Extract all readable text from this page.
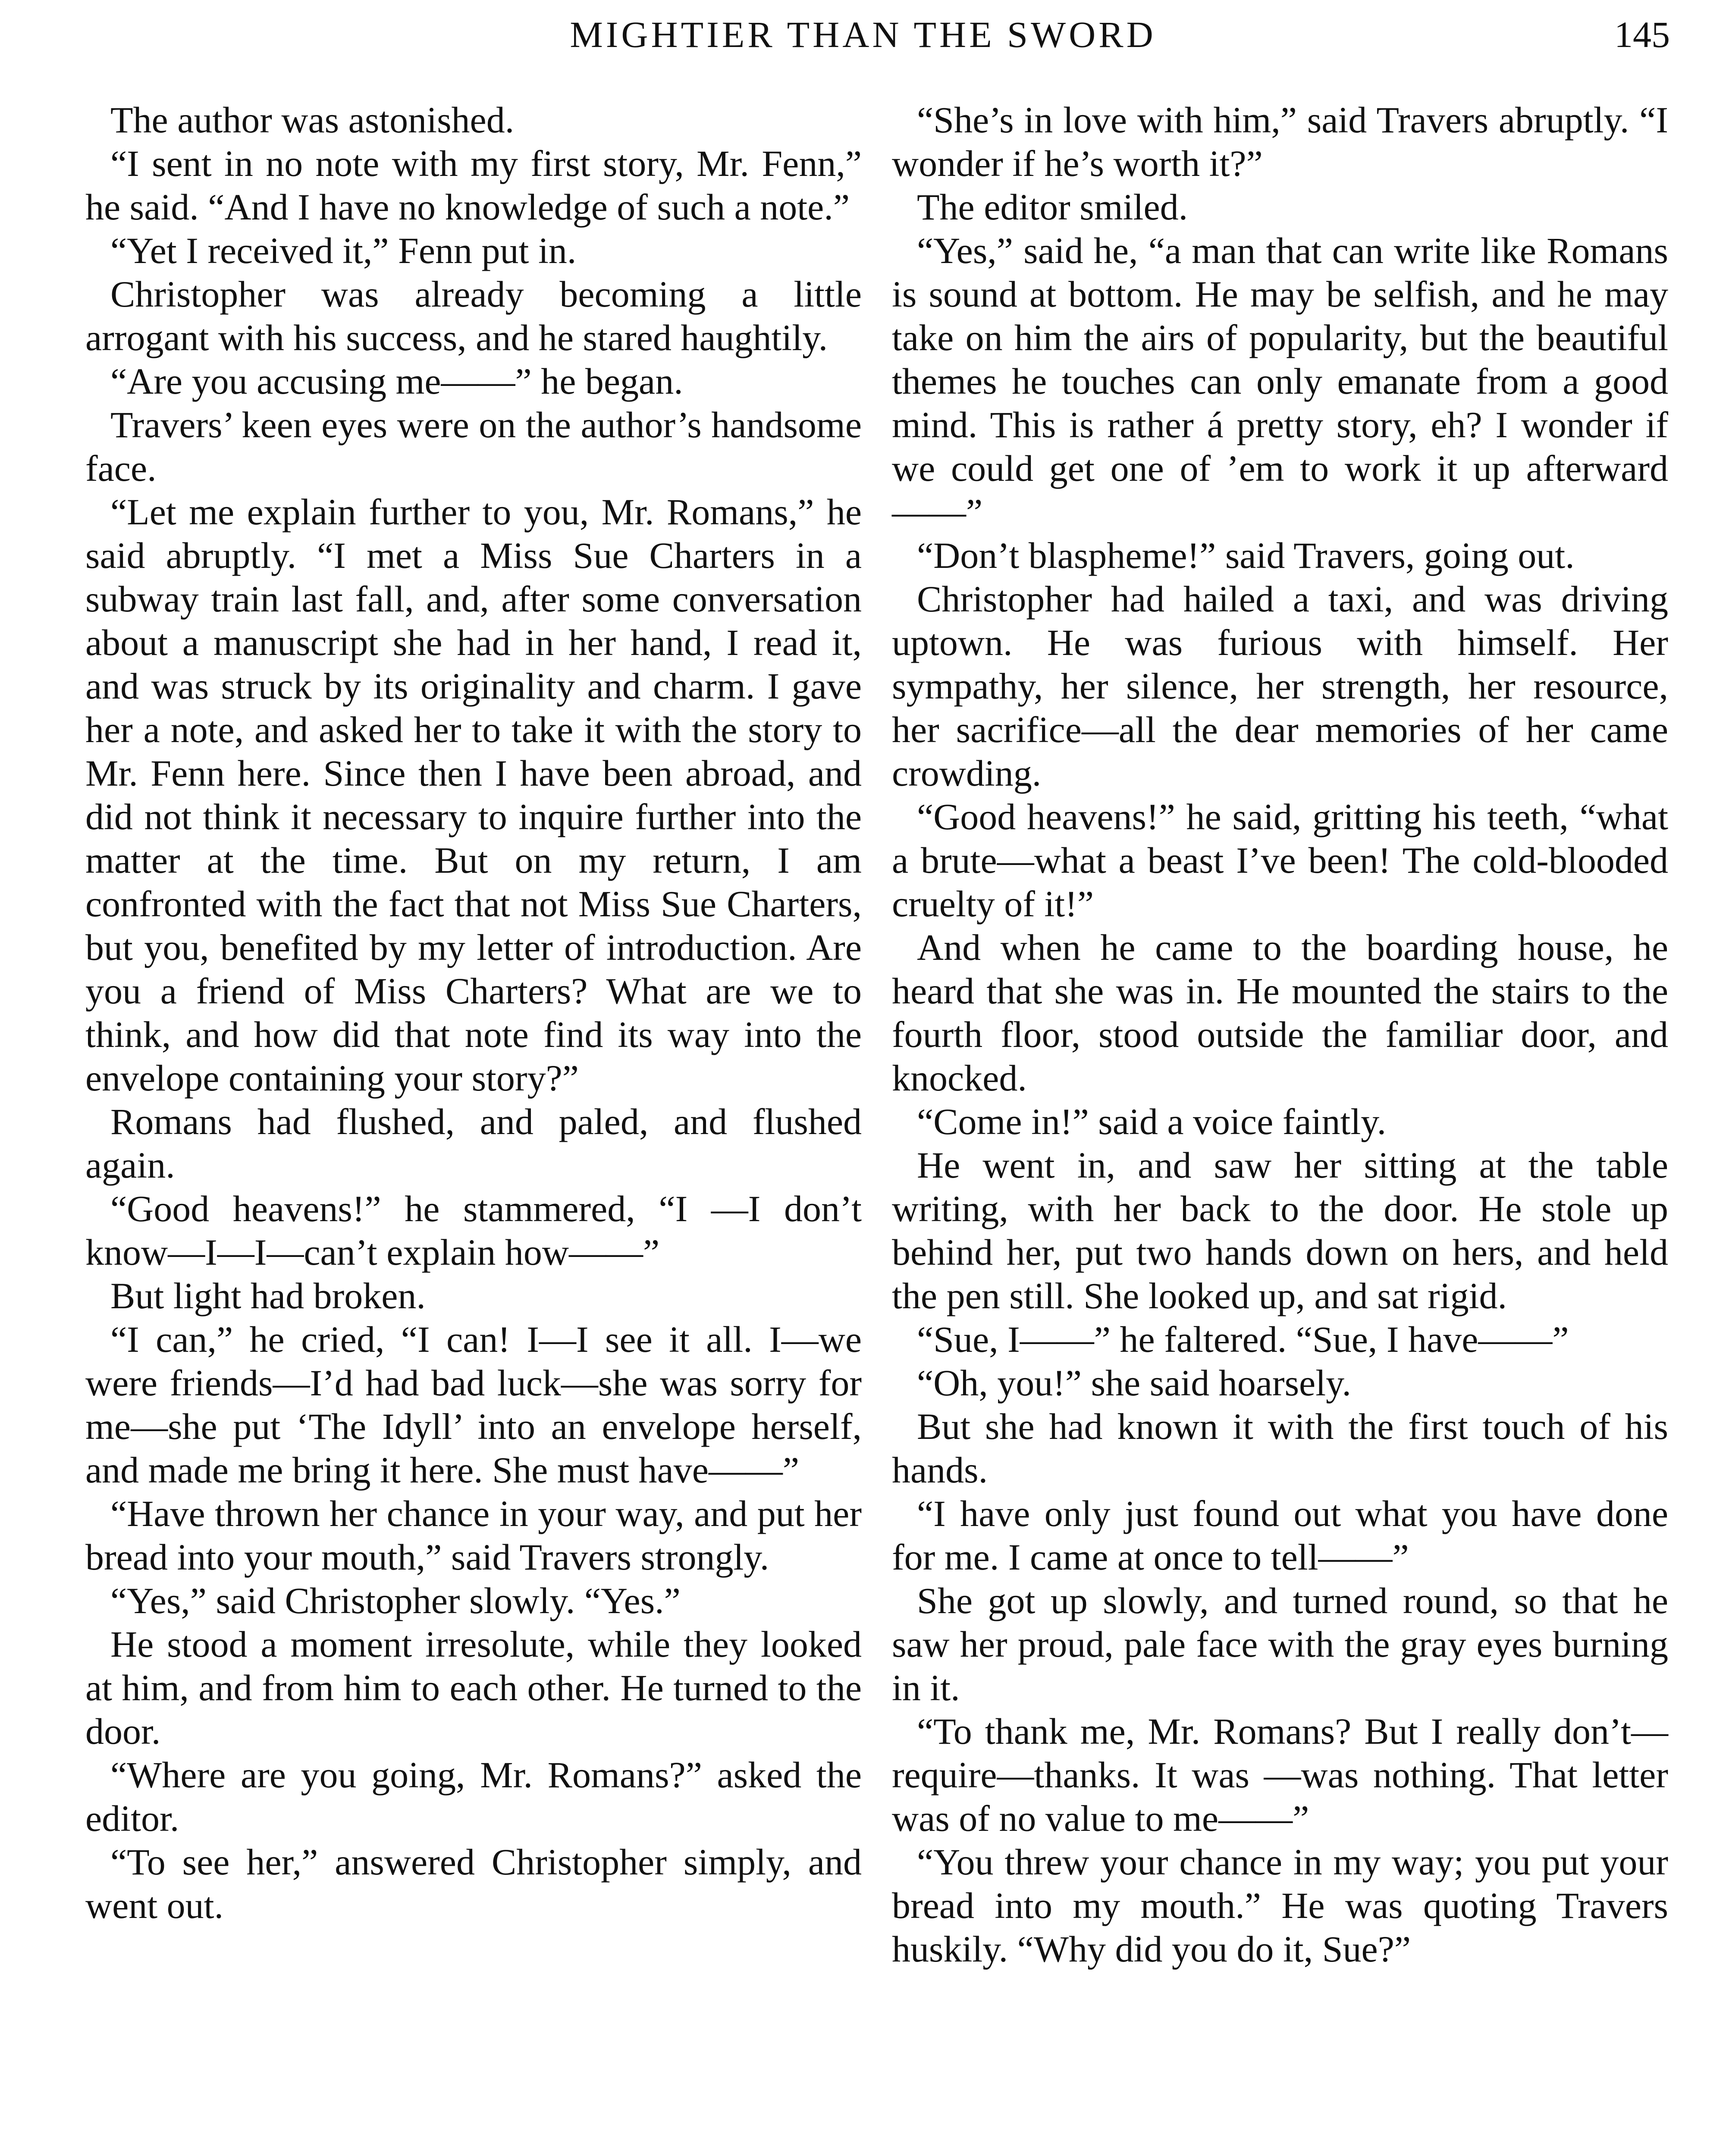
MIGHTIER THAN THE SWORD	145

The author was astonished.

“I sent in no note with my first story, Mr. Fenn,” he said. “And I have no knowledge of such a note.”

“Yet I received it,” Fenn put in.

Christopher was already becoming a little arrogant with his success, and he stared haughtily.

“Are you accusing me——” he began.

Travers’ keen eyes were on the author’s handsome face.

“Let me explain further to you, Mr. Romans,” he said abruptly. “I met a Miss Sue Charters in a subway train last fall, and, after some conversation about a manuscript she had in her hand, I read it, and was struck by its originality and charm. I gave her a note, and asked her to take it with the story to Mr. Fenn here. Since then I have been abroad, and did not think it necessary to inquire further into the matter at the time. But on my return, I am confronted with the fact that not Miss Sue Charters, but you, benefited by my letter of introduction. Are you a friend of Miss Charters? What are we to think, and how did that note find its way into the envelope containing your story?”

Romans had flushed, and paled, and flushed again.

“Good heavens!” he stammered, “I —I don’t know—I—I—can’t explain how——”

But light had broken.

“I can,” he cried, “I can! I—I see it all. I—we were friends—I’d had bad luck—she was sorry for me—she put ‘The Idyll’ into an envelope herself, and made me bring it here. She must have——”

“Have thrown her chance in your way, and put her bread into your mouth,” said Travers strongly.

“Yes,” said Christopher slowly. “Yes.”

He stood a moment irresolute, while they looked at him, and from him to each other. He turned to the door.

“Where are you going, Mr. Romans?” asked the editor.

“To see her,” answered Christopher simply, and went out.

“She’s in love with him,” said Travers abruptly. “I wonder if he’s worth it?”

The editor smiled.

“Yes,” said he, “a man that can write like Romans is sound at bottom. He may be selfish, and he may take on him the airs of popularity, but the beautiful themes he touches can only emanate from a good mind. This is rather á pretty story, eh? I wonder if we could get one of ’em to work it up afterward——”

“Don’t blaspheme!” said Travers, going out.

Christopher had hailed a taxi, and was driving uptown. He was furious with himself. Her sympathy, her silence, her strength, her resource, her sacrifice—all the dear memories of her came crowding.

“Good heavens!” he said, gritting his teeth, “what a brute—what a beast I’ve been! The cold-blooded cruelty of it!”

And when he came to the boarding house, he heard that she was in. He mounted the stairs to the fourth floor, stood outside the familiar door, and knocked.

“Come in!” said a voice faintly.

He went in, and saw her sitting at the table writing, with her back to the door. He stole up behind her, put two hands down on hers, and held the pen still. She looked up, and sat rigid.

“Sue, I——” he faltered. “Sue, I have——”

“Oh, you!” she said hoarsely.

But she had known it with the first touch of his hands.

“I have only just found out what you have done for me. I came at once to tell——”

She got up slowly, and turned round, so that he saw her proud, pale face with the gray eyes burning in it.

“To thank me, Mr. Romans? But I really don’t—require—thanks. It was —was nothing. That letter was of no value to me——”

“You threw your chance in my way; you put your bread into my mouth.” He was quoting Travers huskily. “Why did you do it, Sue?”
